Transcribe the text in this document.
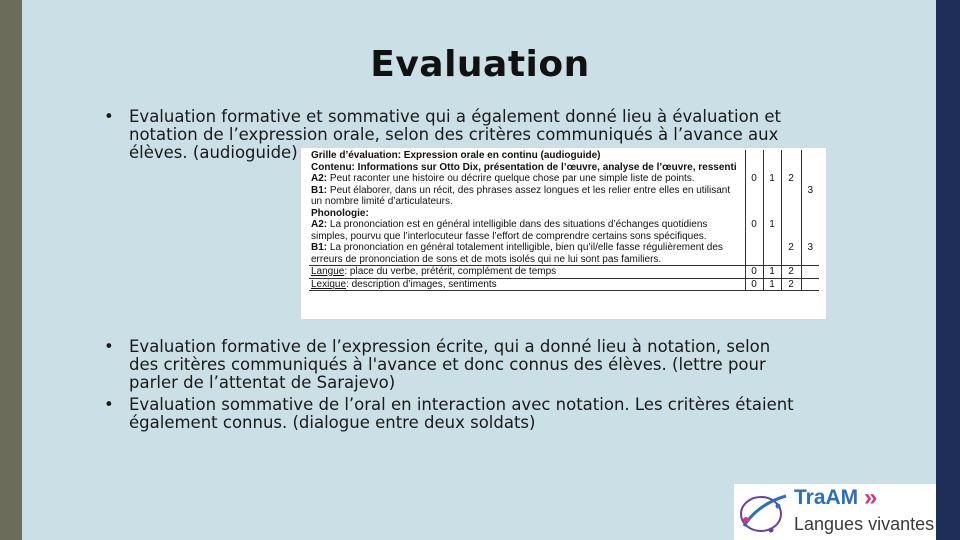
Evaluation

• Evaluation formative et sommative qui a également donné lieu à évaluation et notation de l’expression orale, selon des critères communiqués à l’avance aux élèves. (audioguide)	Grille d’évaluation: Expression orale en continu (audioguide)				
Contenu: Informations sur Otto Dix, présentation de l’œuvre, analyse de l’œuvre, ressenti				
A2: Peut raconter une histoire ou décrire quelque chose par une simple liste de points.	0	1	2	
B1: Peut élaborer, dans un récit, des phrases assez longues et les relier entre elles en utilisant				3
un nombre limité d’articulateurs.				
Phonologie:				
A2: La prononciation est en général intelligible dans des situations d’échanges quotidiens	0	1		
simples, pourvu que l’interlocuteur fasse l’effort de comprendre certains sons spécifiques.				
B1: La prononciation en général totalement intelligible, bien qu’il/elle fasse régulièrement des			2	3
erreurs de prononciation de sons et de mots isolés qui ne lui sont pas familiers.				
Langue: place du verbe, prétérit, complément de temps	0	1	2	
Lexique: description d’images, sentiments	0	1	2	

• Evaluation formative de l’expression écrite, qui a donné lieu à notation, selon des critères communiqués à l'avance et donc connus des élèves. (lettre pour parler de l’attentat de Sarajevo)

• Evaluation sommative de l’oral en interaction avec notation. Les critères étaient également connus. (dialogue entre deux soldats)

TraAM »
Langues vivantes
